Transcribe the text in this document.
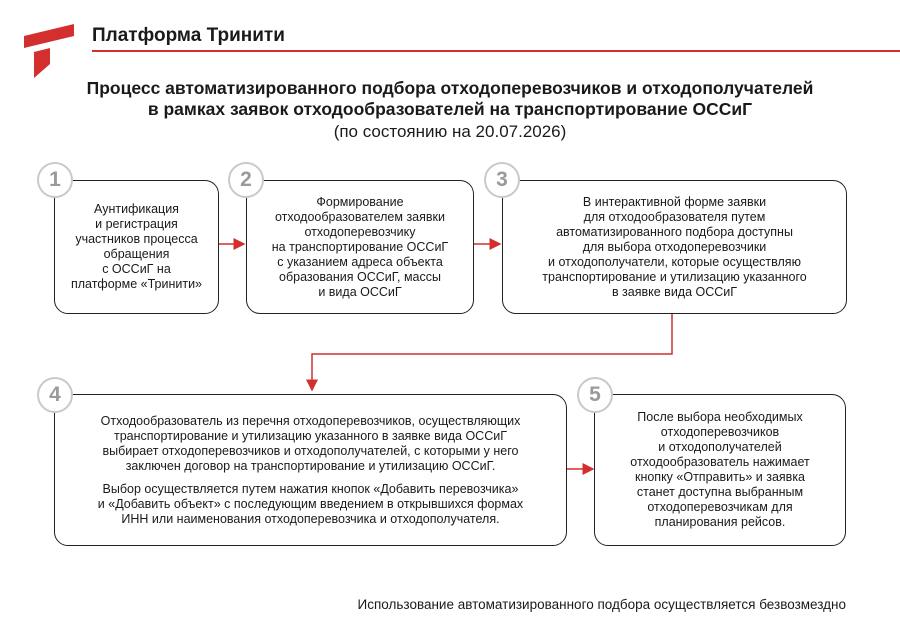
Платформа Тринити
Процесс автоматизированного подбора отходоперевозчиков и отходополучателей
в рамках заявок отходообразователей на транспортирование ОССиГ
(по состоянию на 20.07.2026)
1
Аунтификация
и регистрация
участников процесса
обращения
с ОССиГ на
платформе «Тринити»
2
Формирование
отходообразователем заявки
отходоперевозчику
на транспортирование ОССиГ
с указанием адреса объекта
образования ОССиГ, массы
и вида ОССиГ
3
В интерактивной форме заявки
для отходообразователя путем
автоматизированного подбора доступны
для выбора отходоперевозчики
и отходополучатели, которые осуществляю
транспортирование и утилизацию указанного
в заявке вида ОССиГ
4

Отходообразователь из перечня отходоперевозчиков, осуществляющих
транспортирование и утилизацию указанного в заявке вида ОССиГ
выбирает отходоперевозчиков и отходополучателей, с которыми у него
заключен договор на транспортирование и утилизацию ОССиГ.

Выбор осуществляется путем нажатия кнопок «Добавить перевозчика»
и «Добавить объект» с последующим введением в открывшихся формах
ИНН или наименования отходоперевозчика и отходополучателя.

5
После выбора необходимых
отходоперевозчиков
и отходополучателей
отходообразователь нажимает
кнопку «Отправить» и заявка
станет доступна выбранным
отходоперевозчикам для
планирования рейсов.
Использование автоматизированного подбора осуществляется безвозмездно
